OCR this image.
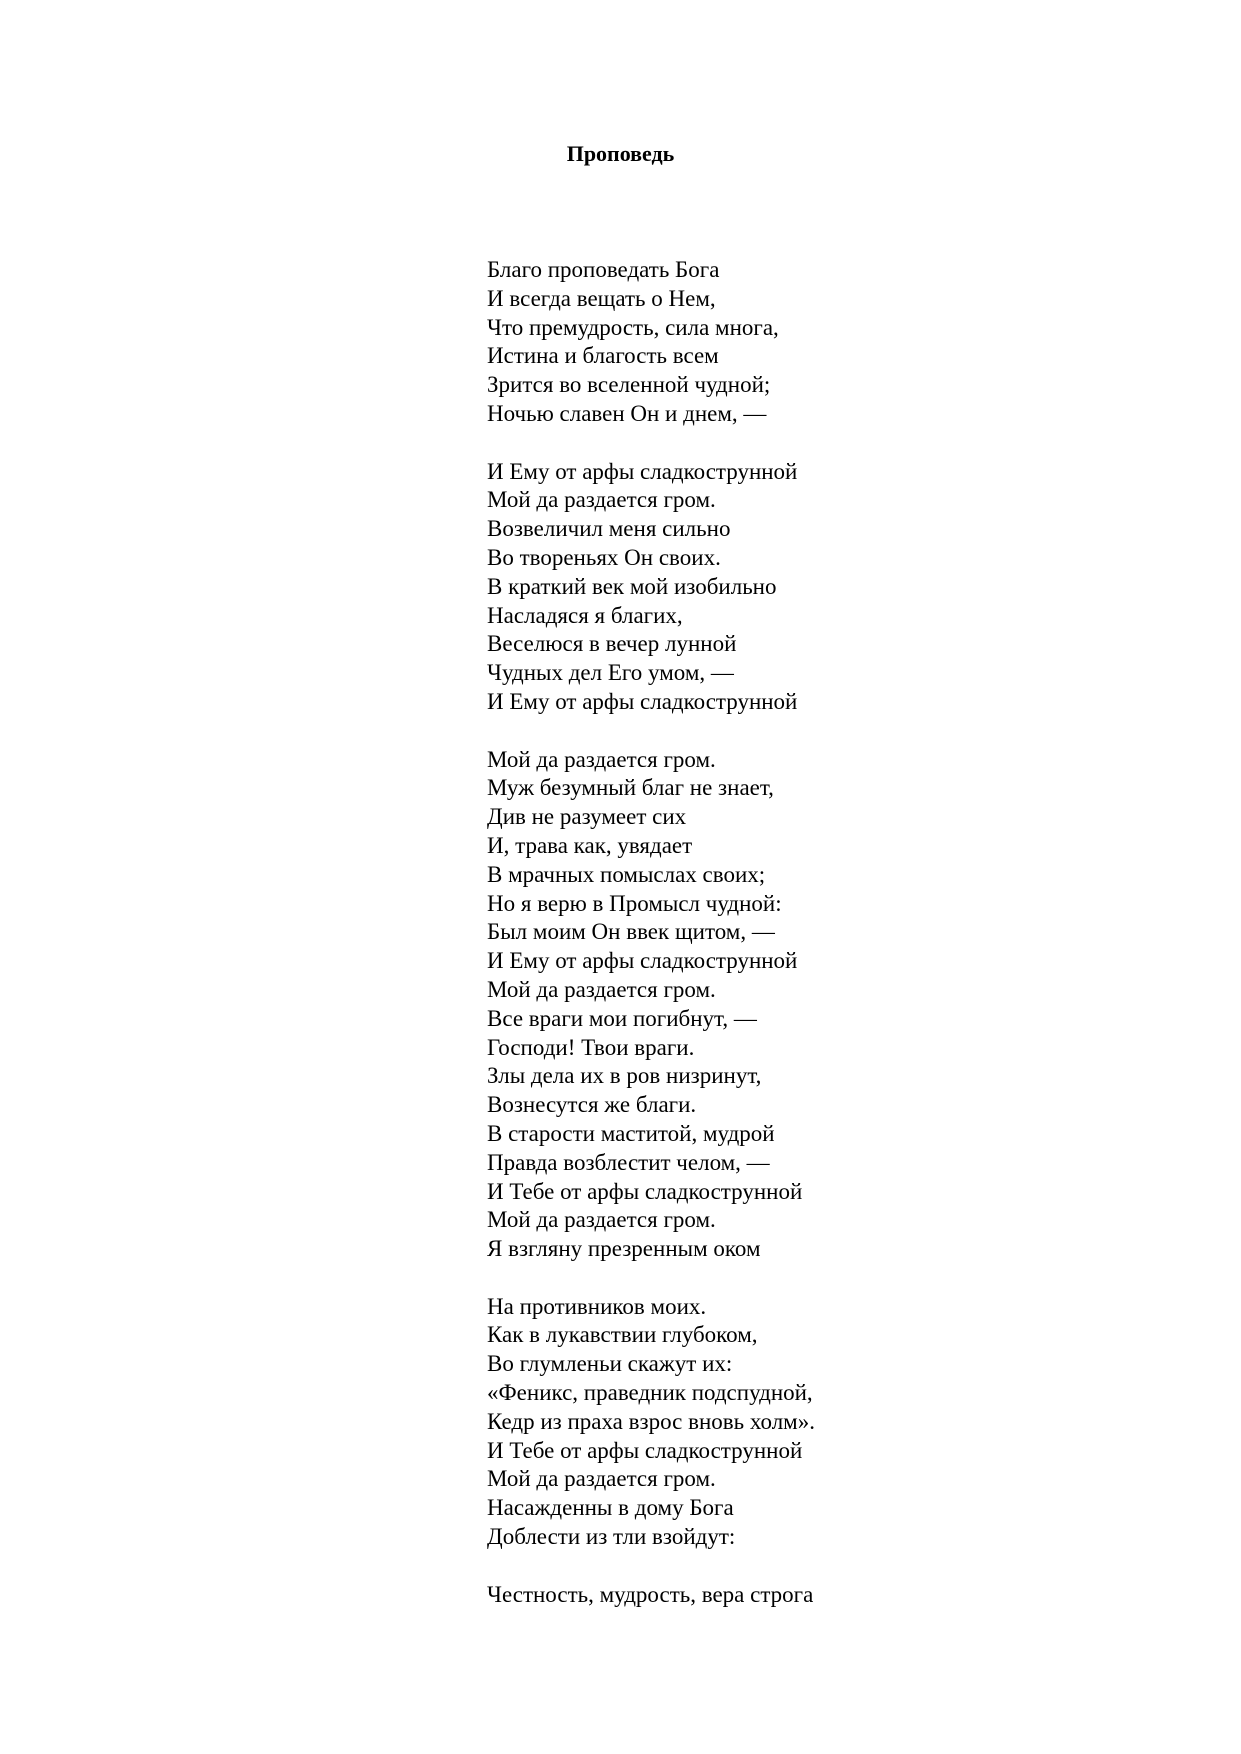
Проповедь
Благо проповедать Бога
И всегда вещать о Нем,
Что премудрость, сила многа,
Истина и благость всем
Зрится во вселенной чудной;
Ночью славен Он и днем, —
И Ему от арфы сладкострунной
Мой да раздается гром.
Возвеличил меня сильно
Во твореньях Он своих.
В краткий век мой изобильно
Насладяся я благих,
Веселюся в вечер лунной
Чудных дел Его умом, —
И Ему от арфы сладкострунной
Мой да раздается гром.
Муж безумный благ не знает,
Див не разумеет сих
И, трава как, увядает
В мрачных помыслах своих;
Но я верю в Промысл чудной:
Был моим Он ввек щитом, —
И Ему от арфы сладкострунной
Мой да раздается гром.
Все враги мои погибнут, —
Господи! Твои враги.
Злы дела их в ров низринут,
Вознесутся же благи.
В старости маститой, мудрой
Правда возблестит челом, —
И Тебе от арфы сладкострунной
Мой да раздается гром.
Я взгляну презренным оком
На противников моих.
Как в лукавствии глубоком,
Во глумленьи скажут их:
«Феникс, праведник подспудной,
Кедр из праха взрос вновь холм».
И Тебе от арфы сладкострунной
Мой да раздается гром.
Насажденны в дому Бога
Доблести из тли взойдут:
Честность, мудрость, вера строга
